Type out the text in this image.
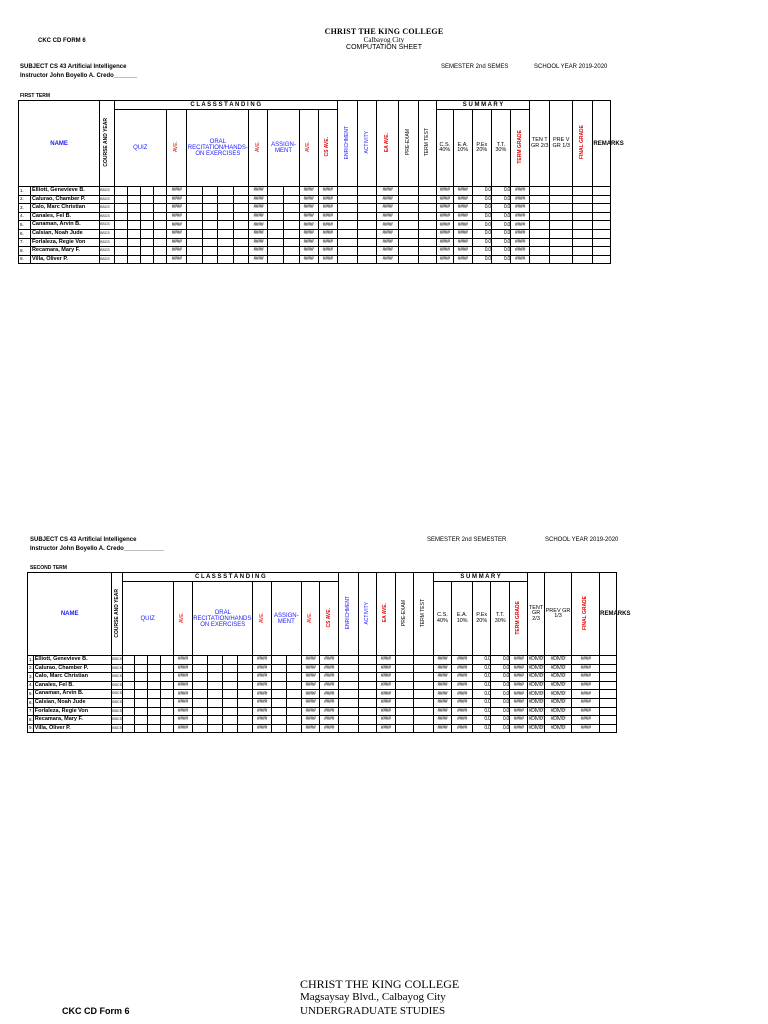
CHRIST THE KING COLLEGE
Calbayog City
COMPUTATION SHEET
CKC CD FORM 6
SUBJECT CS 43 Artificial Intelligence
Instructor John Boyello A. Credo_______
SEMESTER 2nd SEMES	SCHOOL YEAR 2019-2020
FIRST TERM
NAME		COURSE AND YEAR	C L A S S S T A N D I N G														ENRICHMENT	ACTIVITY	EA AVE.	PRE-EXAM	TERM TEST	S U M M A R Y					TEN T GR 2/3	PRE V GR 1/3	FINAL GRADE	REMARKS
			QUIZ				AVE.	ORAL RECITATION/HANDS-ON EXERCISES				AVE.	ASSIGN- MENT		AVE.	CS AVE.						C.S. 40%	E.A. 10%	P.Ex 20%	T.T. 30%	TERM GRADE				
1.	Elliott, Genevieve B.	BSCS					####					####			####	####			####			####	####	0.0	0.0	####				
2.	Calurao, Chamber P.	BSCS					####					####			####	####			####			####	####	0.0	0.0	####				
3.	Calo, Marc Christian	BSCS					####					####			####	####			####			####	####	0.0	0.0	####				
4.	Canales, Fel B.	BSCS					####					####			####	####			####			####	####	0.0	0.0	####				
5.	Canaman, Arvin B.	BSCS					####					####			####	####			####			####	####	0.0	0.0	####				
6.	Calsian, Noah Jude	BSCS					####					####			####	####			####			####	####	0.0	0.0	####				
7.	Forlaleza, Regie Von	BSCS					####					####			####	####			####			####	####	0.0	0.0	####				
8.	Recamara, Mary F.	BSCS					####					####			####	####			####			####	####	0.0	0.0	####				
9.	Villa, Oliver P.	BSCS					####					####			####	####			####			####	####	0.0	0.0	####				
SUBJECT CS 43 Artificial Intelligence
Instructor John Boyello A. Credo____________
SEMESTER 2nd SEMESTER	SCHOOL YEAR 2019-2020
SECOND TERM
NAME		COURSE AND YEAR	C L A S S S T A N D I N G														ENRICHMENT	ACTIVITY	EA AVE.	PRE-EXAM	TERM TEST	S U M M A R Y					TENT GR 2/3	PREV GR 1/3	FINAL GRADE	REMARKS
			QUIZ				AVE.	ORAL RECITATION/HANDS-ON EXERCISES				AVE.	ASSIGN- MENT		AVE.	CS AVE.						C.S. 40%	E.A. 10%	P.Ex 20%	T.T. 30%	TERM GRADE				
1.	Elliott, Genevieve B.	BSCS					####					####			####	####			####			####	####	0.0	0.0	####	#DIV/0!	#DIV/0!	####	
2.	Calurao, Chamber P.	BSCS					####					####			####	####			####			####	####	0.0	0.0	####	#DIV/0!	#DIV/0!	####	
3.	Calo, Marc Christian	BSCS					####					####			####	####			####			####	####	0.0	0.0	####	#DIV/0!	#DIV/0!	####	
4.	Canales, Fel B.	BSCS					####					####			####	####			####			####	####	0.0	0.0	####	#DIV/0!	#DIV/0!	####	
5.	Canaman, Arvin B.	BSCS					####					####			####	####			####			####	####	0.0	0.0	####	#DIV/0!	#DIV/0!	####	
6.	Calsian, Noah Jude	BSCS					####					####			####	####			####			####	####	0.0	0.0	####	#DIV/0!	#DIV/0!	####	
7.	Forlaleza, Regie Von	BSCS					####					####			####	####			####			####	####	0.0	0.0	####	#DIV/0!	#DIV/0!	####	
8.	Recamara, Mary F.	BSCS					####					####			####	####			####			####	####	0.0	0.0	####	#DIV/0!	#DIV/0!	####	
9.	Villa, Oliver P.	BSCS					####					####			####	####			####			####	####	0.0	0.0	####	#DIV/0!	#DIV/0!	####	
CKC CD Form 6
CHRIST THE KING COLLEGE
Magsaysay Blvd., Calbayog City
UNDERGRADUATE STUDIES
